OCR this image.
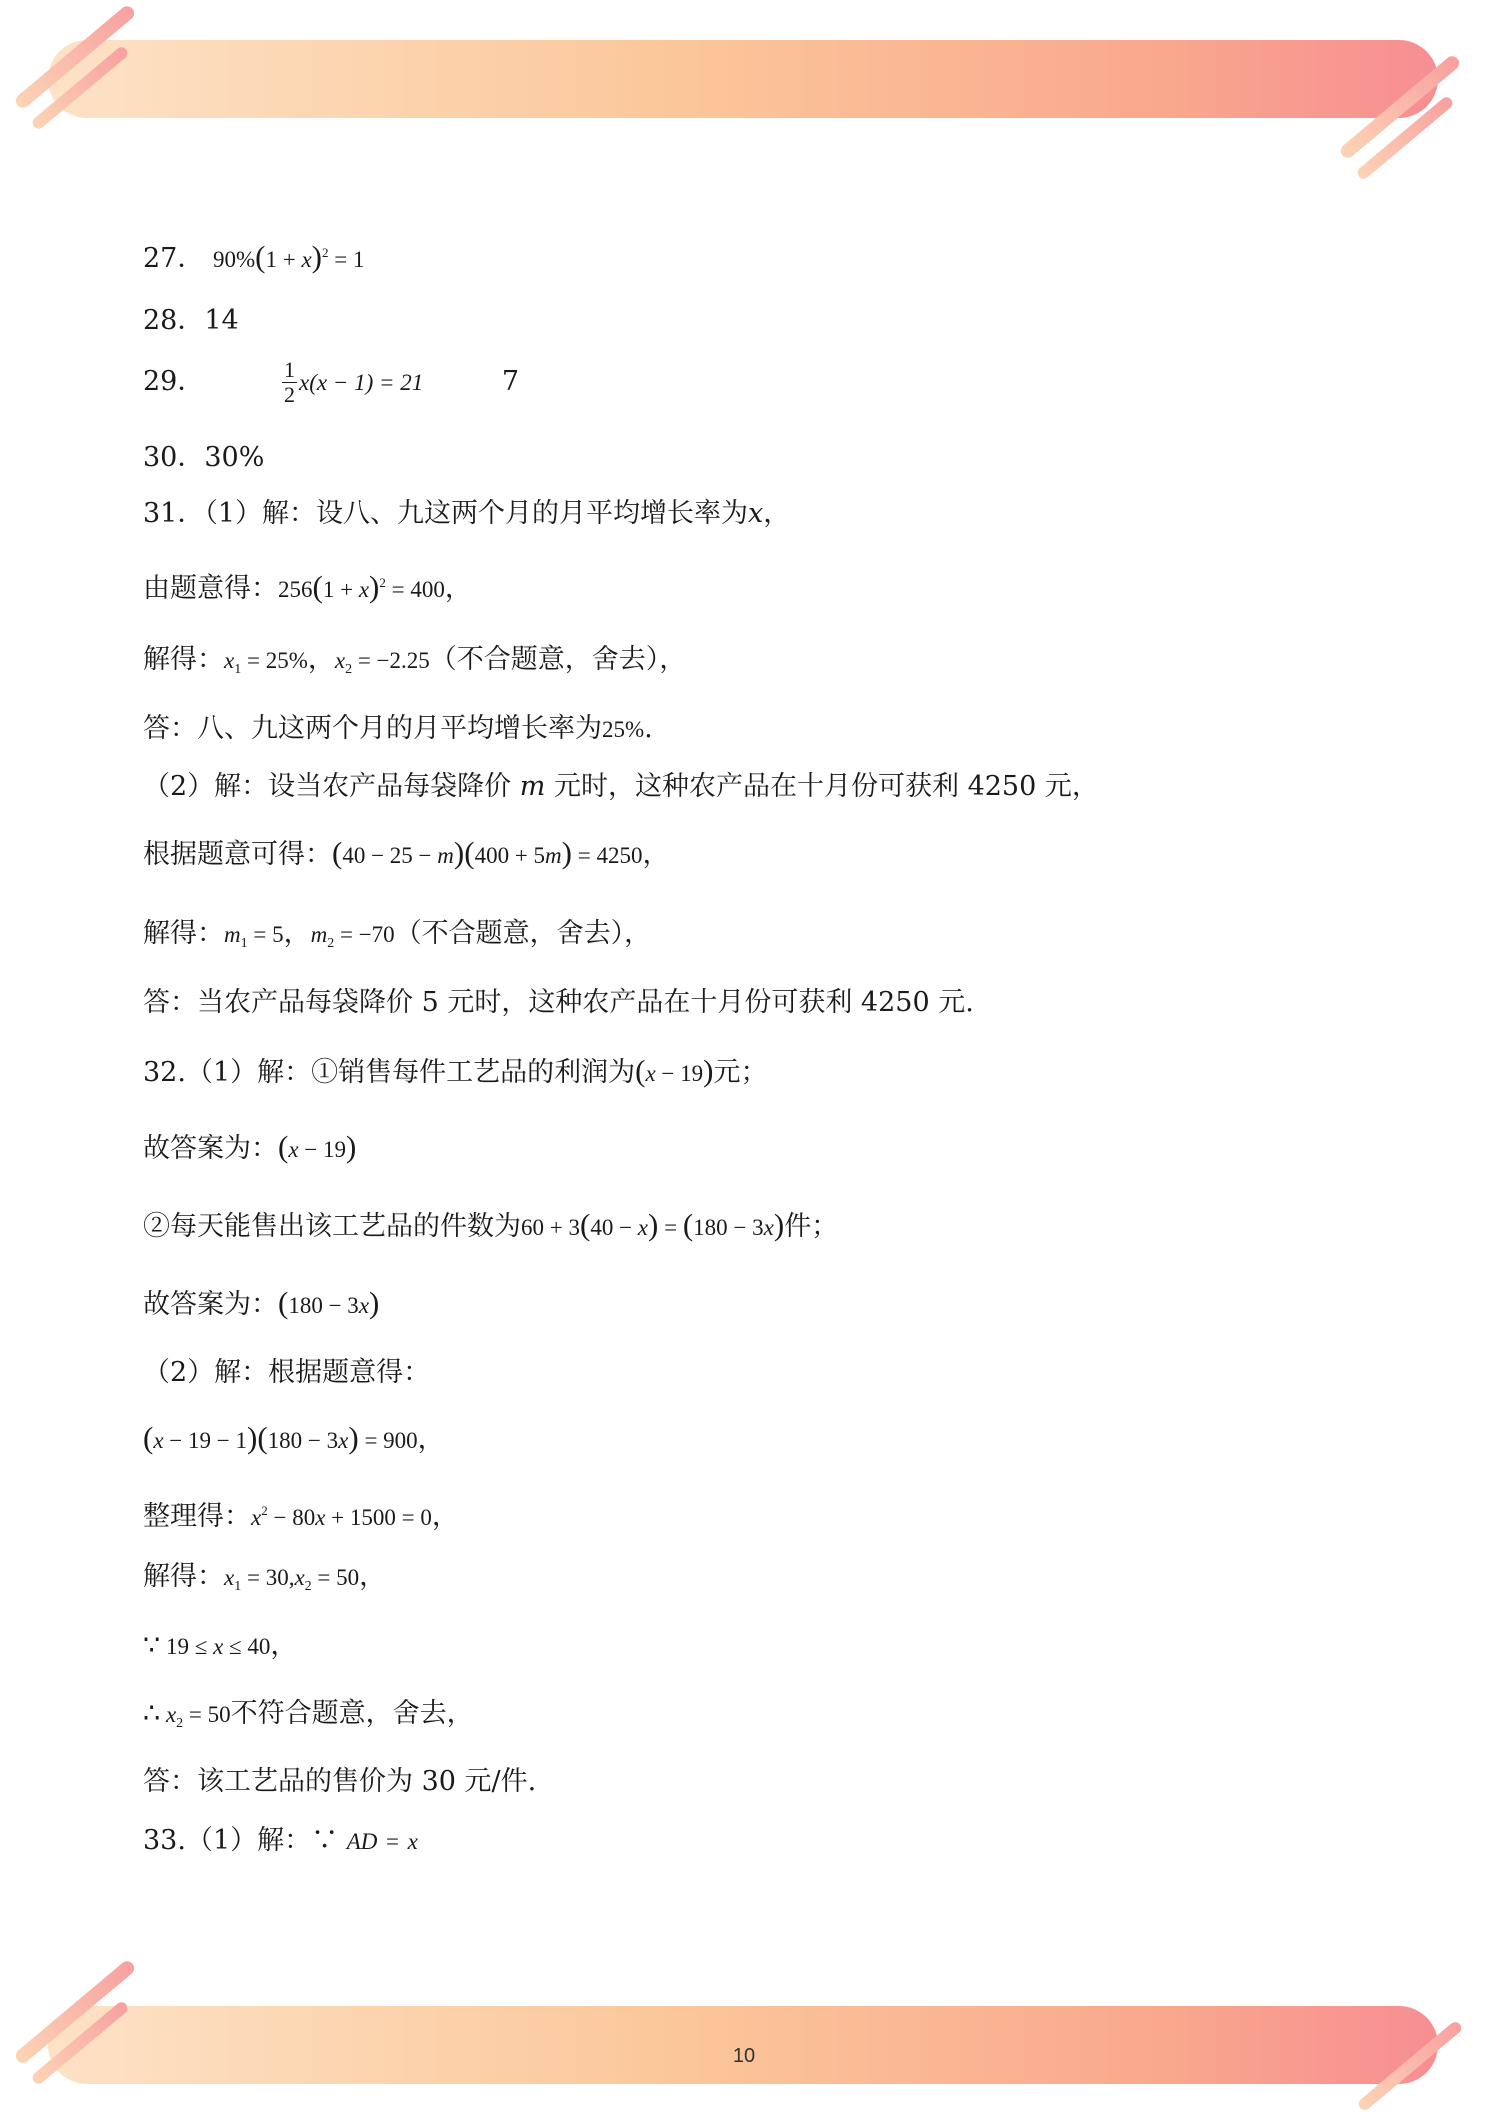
27． $90\%(1 + x)^2 = 1$
28．14
29．	$\frac{1}{2} x(x - 1) = 21$	7
30．30%
31．（1）解：设八、九这两个月的月平均增长率为x，
由题意得：$256(1 + x)^2 = 400$，
解得：$x_1 = 25\%$，$x_2 = -2.25$（不合题意，舍去），
答：八、九这两个月的月平均增长率为25%.
（2）解：设当农产品每袋降价 m 元时，这种农产品在十月份可获利 4250 元，
根据题意可得：(40 − 25 − m)(400 + 5m) = 4250，
解得：$m_1 = 5$，$m_2 = -70$（不合题意，舍去），
答：当农产品每袋降价 5 元时，这种农产品在十月份可获利 4250 元.
32.（1）解：①销售每件工艺品的利润为(x − 19)元；
故答案为：(x − 19)
②每天能售出该工艺品的件数为60 + 3(40 − x) = (180 − 3x)件；
故答案为：(180 − 3x)
（2）解：根据题意得：
(x − 19 − 1)(180 − 3x) = 900，
整理得：$x^2 - 80x + 1500 = 0$，
解得：$x_1 = 30,x_2 = 50$，
∵ 19 ≤ x ≤ 40，
∴ $x_2 = 50$不符合题意，舍去，
答：该工艺品的售价为 30 元/件.
33.（1）解：∵ AD = x
10
